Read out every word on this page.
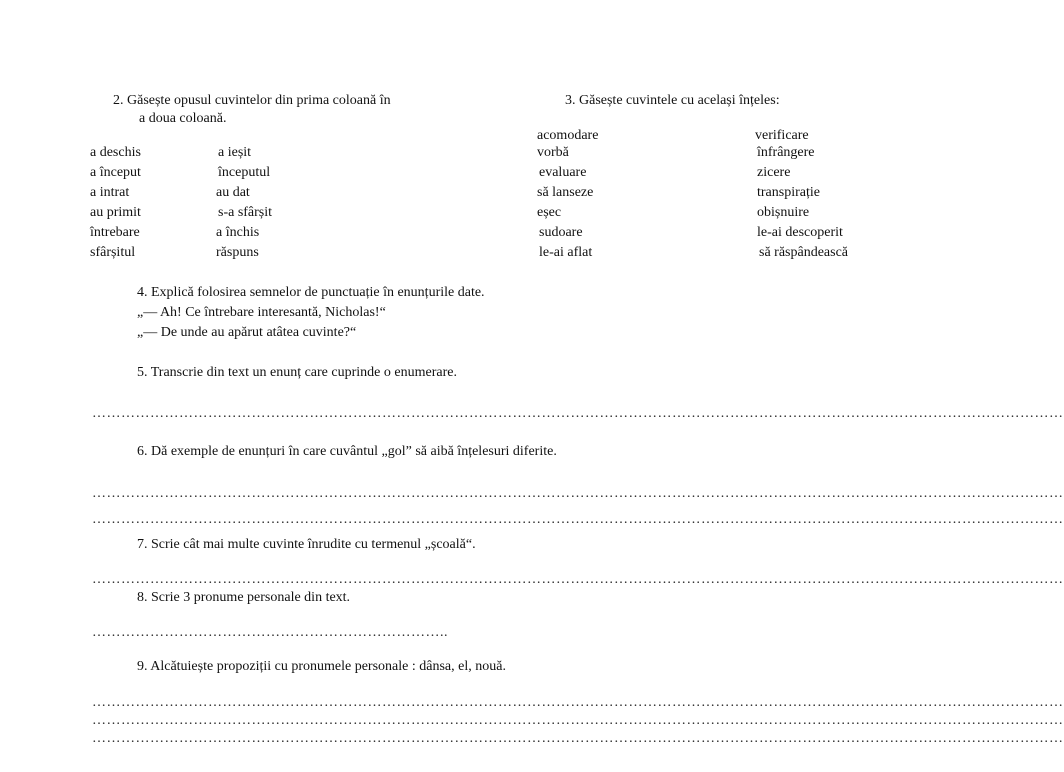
2. Găsește opusul cuvintelor din prima coloană în
a doua coloană.
a deschis
a început
a intrat
au primit
întrebare
sfârșitul
a ieșit
începutul
au dat
s-a sfârșit
a închis
răspuns
3. Găsește cuvintele cu același înțeles:
acomodare
vorbă
evaluare
să lanseze
eșec
sudoare
le-ai aflat
verificare
înfrângere
zicere
transpirație
obișnuire
le-ai descoperit
să răspândească
4. Explică folosirea semnelor de punctuație în enunțurile date.
„— Ah! Ce întrebare interesantă, Nicholas!“
„— De unde au apărut atâtea cuvinte?“
5. Transcrie din text un enunț care cuprinde o enumerare.
…………………………………………………………………………………………………………………………………………………………………………………
6. Dă exemple de enunțuri în care cuvântul „gol” să aibă înțelesuri diferite.
…………………………………………………………………………………………………………………………………………………………………………………
…………………………………………………………………………………………………………………………………………………………………………………
7. Scrie cât mai multe cuvinte înrudite cu termenul „școală“.
…………………………………………………………………………………………………………………………………………………………………………………
8. Scrie 3 pronume personale din text.
………………………………………………………………..
9. Alcătuiește propoziții cu pronumele personale : dânsa, el, nouă.
…………………………………………………………………………………………………………………………………………………………………………………
…………………………………………………………………………………………………………………………………………………………………………………
…………………………………………………………………………………………………………………………………………………………………………………
